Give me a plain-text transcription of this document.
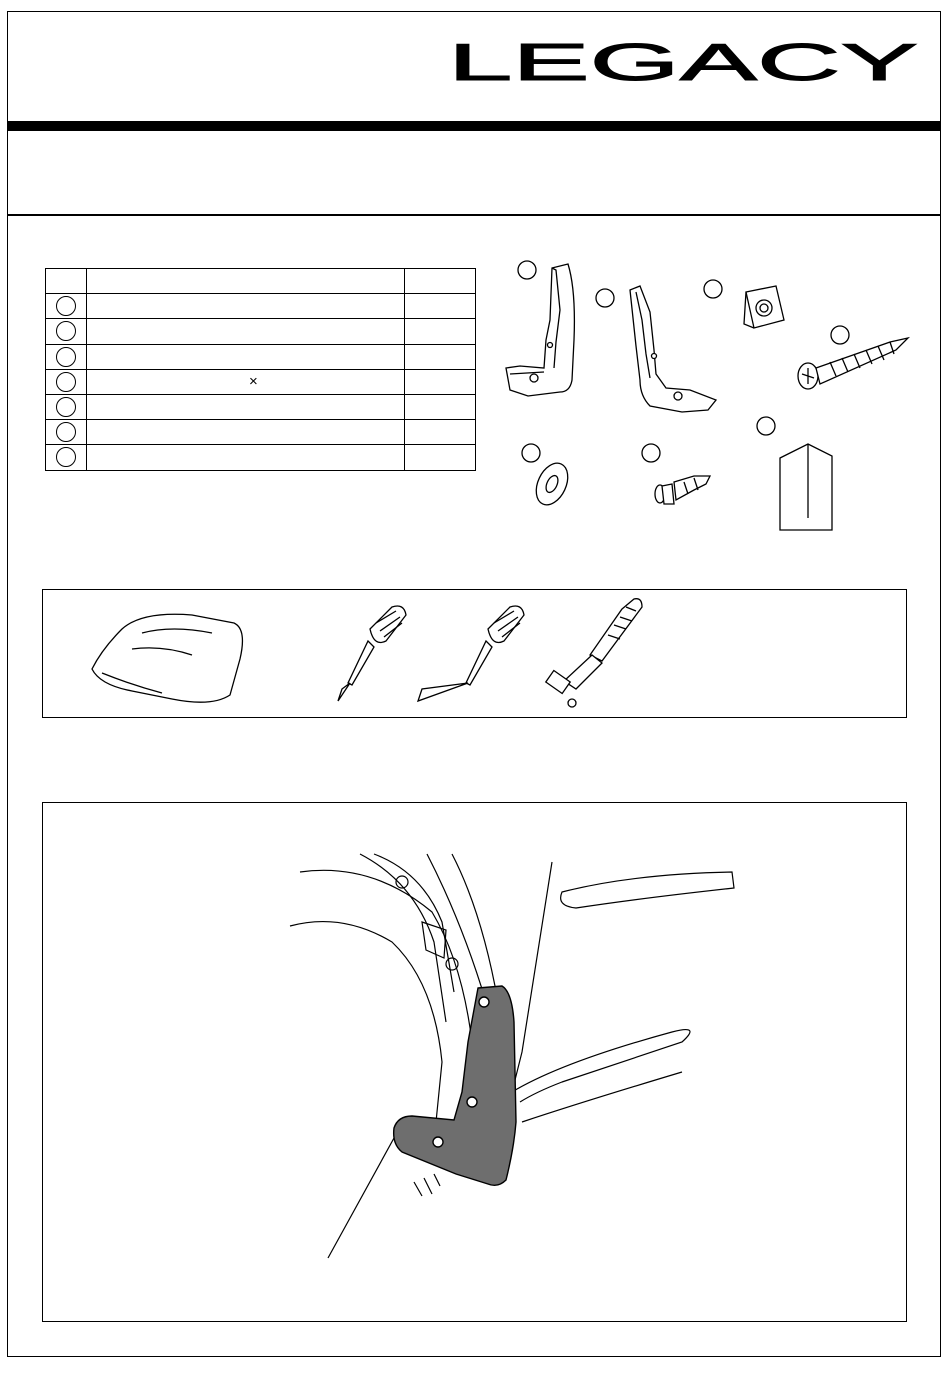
LEGACY

	×	
